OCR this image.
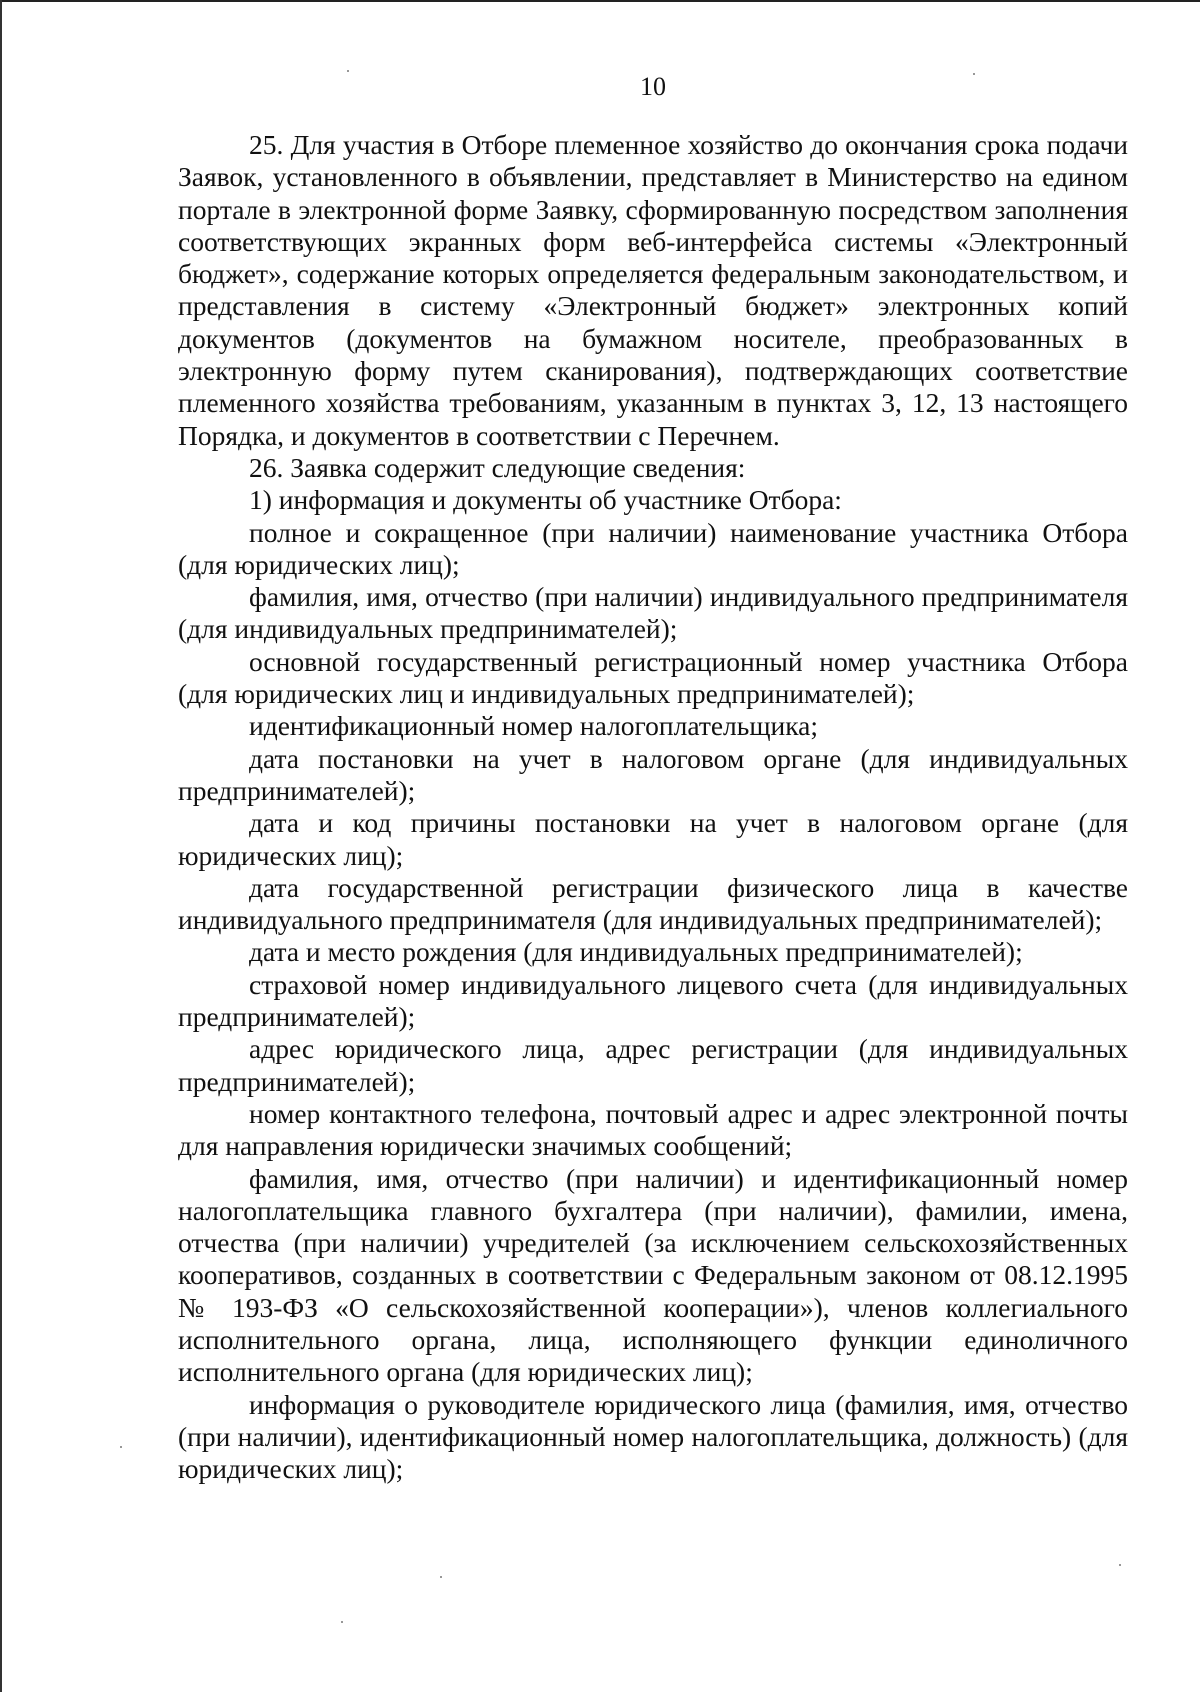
10

25. Для участия в Отборе племенное хозяйство до окончания срока подачи Заявок, установленного в объявлении, представляет в Министерство на едином портале в электронной форме Заявку, сформированную посредством заполнения соответствующих экранных форм веб-интерфейса системы «Электронный бюджет», содержание которых определяется федеральным законодательством, и представления в систему «Электронный бюджет» электронных копий документов (документов на бумажном носителе, преобразованных в электронную форму путем сканирования), подтверждающих соответствие племенного хозяйства требованиям, указанным в пунктах 3, 12, 13 настоящего Порядка, и документов в соответствии с Перечнем.

26. Заявка содержит следующие сведения:

1) информация и документы об участнике Отбора:

полное и сокращенное (при наличии) наименование участника Отбора (для юридических лиц);

фамилия, имя, отчество (при наличии) индивидуального предпринимателя (для индивидуальных предпринимателей);

основной государственный регистрационный номер участника Отбора (для юридических лиц и индивидуальных предпринимателей);

идентификационный номер налогоплательщика;

дата постановки на учет в налоговом органе (для индивидуальных предпринимателей);

дата и код причины постановки на учет в налоговом органе (для юридических лиц);

дата государственной регистрации физического лица в качестве индивидуального предпринимателя (для индивидуальных предпринимателей);

дата и место рождения (для индивидуальных предпринимателей);

страховой номер индивидуального лицевого счета (для индивидуальных предпринимателей);

адрес юридического лица, адрес регистрации (для индивидуальных предпринимателей);

номер контактного телефона, почтовый адрес и адрес электронной почты для направления юридически значимых сообщений;

фамилия, имя, отчество (при наличии) и идентификационный номер налогоплательщика главного бухгалтера (при наличии), фамилии, имена, отчества (при наличии) учредителей (за исключением сельскохозяйственных кооперативов, созданных в соответствии с Федеральным законом от 08.12.1995 № 193-ФЗ «О сельскохозяйственной кооперации»), членов коллегиального исполнительного органа, лица, исполняющего функции единоличного исполнительного органа (для юридических лиц);

информация о руководителе юридического лица (фамилия, имя, отчество (при наличии), идентификационный номер налогоплательщика, должность) (для юридических лиц);
